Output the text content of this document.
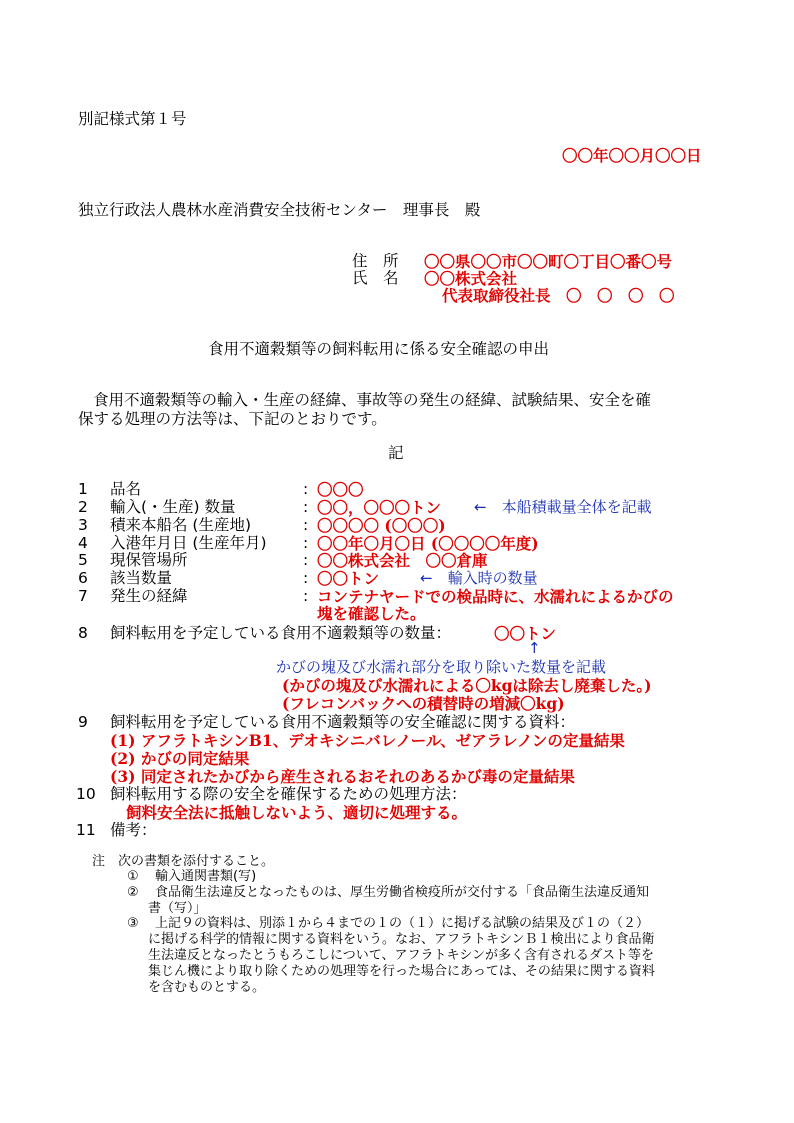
別記様式第１号
〇〇年〇〇月〇〇日
独立行政法人農林水産消費安全技術センター　理事長　殿
住　所 〇〇県〇〇市〇〇町〇丁目〇番〇号
氏　名 〇〇株式会社
代表取締役社長　〇　〇　〇　〇
食用不適穀類等の飼料転用に係る安全確認の申出
食用不適穀類等の輸入・生産の経緯、事故等の発生の経緯、試験結果、安全を確
保する処理の方法等は、下記のとおりです。
記
1 品名	: 〇〇〇
2 輸入(・生産) 数量	: 〇〇，〇〇〇トン ←　本船積載量全体を記載
3 積来本船名 (生産地)	: 〇〇〇〇 (〇〇〇)
4 入港年月日 (生産年月) : 〇〇年〇月〇日 (〇〇〇〇年度)
5 現保管場所	: 〇〇株式会社　〇〇倉庫
6 該当数量	: 〇〇トン	←　輸入時の数量
7 発生の経緯	: コンテナヤードでの検品時に、水濡れによるかびの
塊を確認した。
8 飼料転用を予定している食用不適穀類等の数量：	〇〇トン
↑
かびの塊及び水濡れ部分を取り除いた数量を記載
(かびの塊及び水濡れによる〇kgは除去し廃棄した。)
(フレコンバックへの積替時の増減〇kg)
9 飼料転用を予定している食用不適穀類等の安全確認に関する資料：
(1) アフラトキシンB1、デオキシニバレノール、ゼアラレノンの定量結果
(2) かびの同定結果
(3) 同定されたかびから産生されるおそれのあるかび毒の定量結果
10 飼料転用する際の安全を確保するための処理方法：
飼料安全法に抵触しないよう、適切に処理する。
11 備考：
注　次の書類を添付すること。
① 輸入通関書類(写)
② 食品衛生法違反となったものは、厚生労働省検疫所が交付する「食品衛生法違反通知
書（写）」
③ 上記９の資料は、別添１から４までの１の（１）に掲げる試験の結果及び１の（２）
に掲げる科学的情報に関する資料をいう。なお、アフラトキシンＢ１検出により食品衛
生法違反となったとうもろこしについて、アフラトキシンが多く含有されるダスト等を
集じん機により取り除くための処理等を行った場合にあっては、その結果に関する資料
を含むものとする。
